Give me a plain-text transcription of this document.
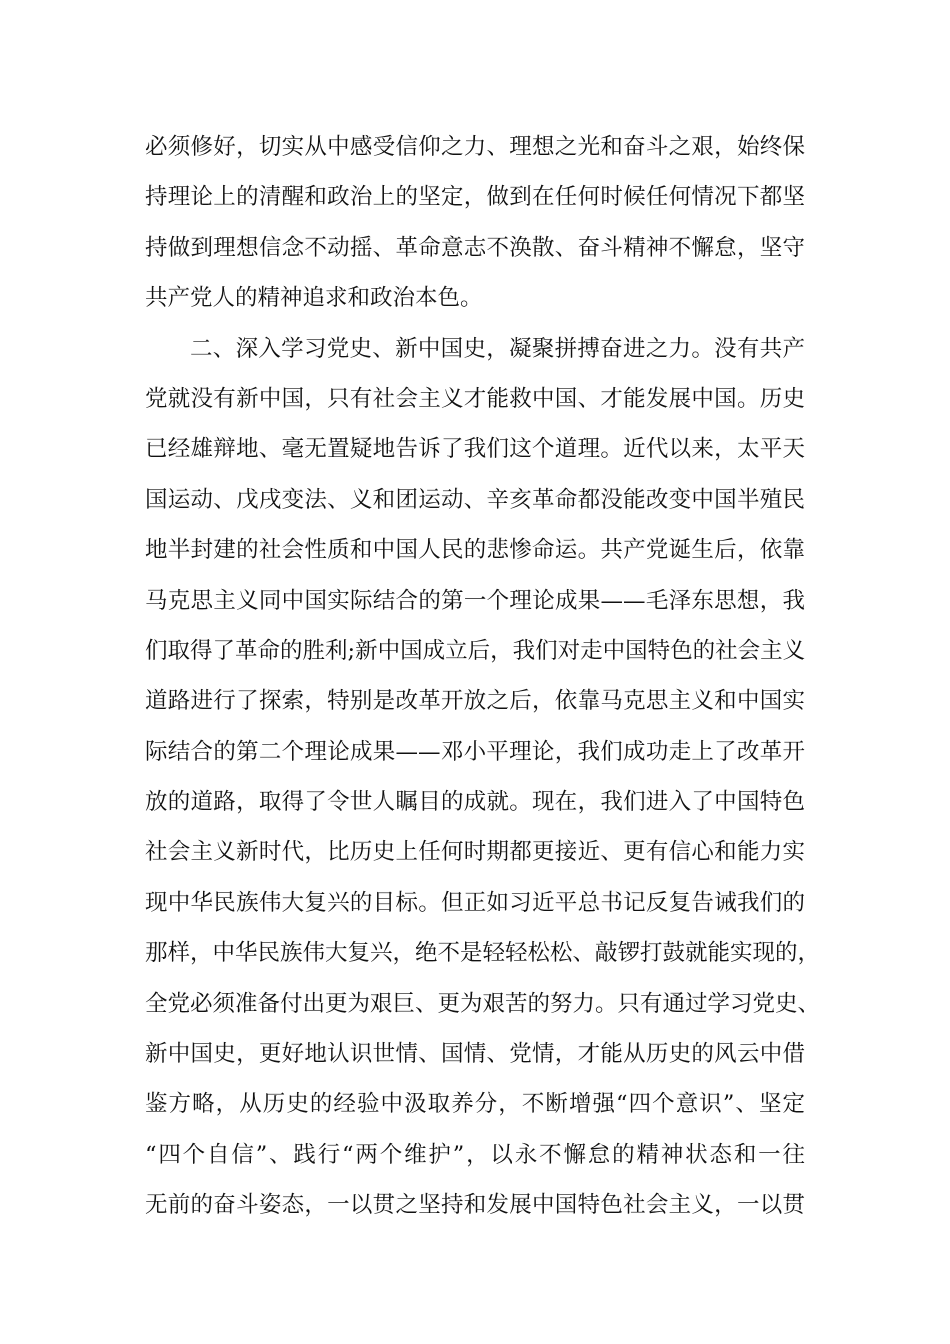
必须修好，切实从中感受信仰之力、理想之光和奋斗之艰，始终保
持理论上的清醒和政治上的坚定，做到在任何时候任何情况下都坚
持做到理想信念不动摇、革命意志不涣散、奋斗精神不懈怠，坚守
共产党人的精神追求和政治本色。
二、深入学习党史、新中国史，凝聚拼搏奋进之力。没有共产
党就没有新中国，只有社会主义才能救中国、才能发展中国。历史
已经雄辩地、毫无置疑地告诉了我们这个道理。近代以来，太平天
国运动、戊戌变法、义和团运动、辛亥革命都没能改变中国半殖民
地半封建的社会性质和中国人民的悲惨命运。共产党诞生后，依靠
马克思主义同中国实际结合的第一个理论成果——毛泽东思想，我
们取得了革命的胜利;新中国成立后，我们对走中国特色的社会主义
道路进行了探索，特别是改革开放之后，依靠马克思主义和中国实
际结合的第二个理论成果——邓小平理论，我们成功走上了改革开
放的道路，取得了令世人瞩目的成就。现在，我们进入了中国特色
社会主义新时代，比历史上任何时期都更接近、更有信心和能力实
现中华民族伟大复兴的目标。但正如习近平总书记反复告诫我们的
那样，中华民族伟大复兴，绝不是轻轻松松、敲锣打鼓就能实现的，
全党必须准备付出更为艰巨、更为艰苦的努力。只有通过学习党史、
新中国史，更好地认识世情、国情、党情，才能从历史的风云中借
鉴方略，从历史的经验中汲取养分，不断增强“四个意识”、坚定
“四个自信”、践行“两个维护”，以永不懈怠的精神状态和一往
无前的奋斗姿态，一以贯之坚持和发展中国特色社会主义，一以贯
